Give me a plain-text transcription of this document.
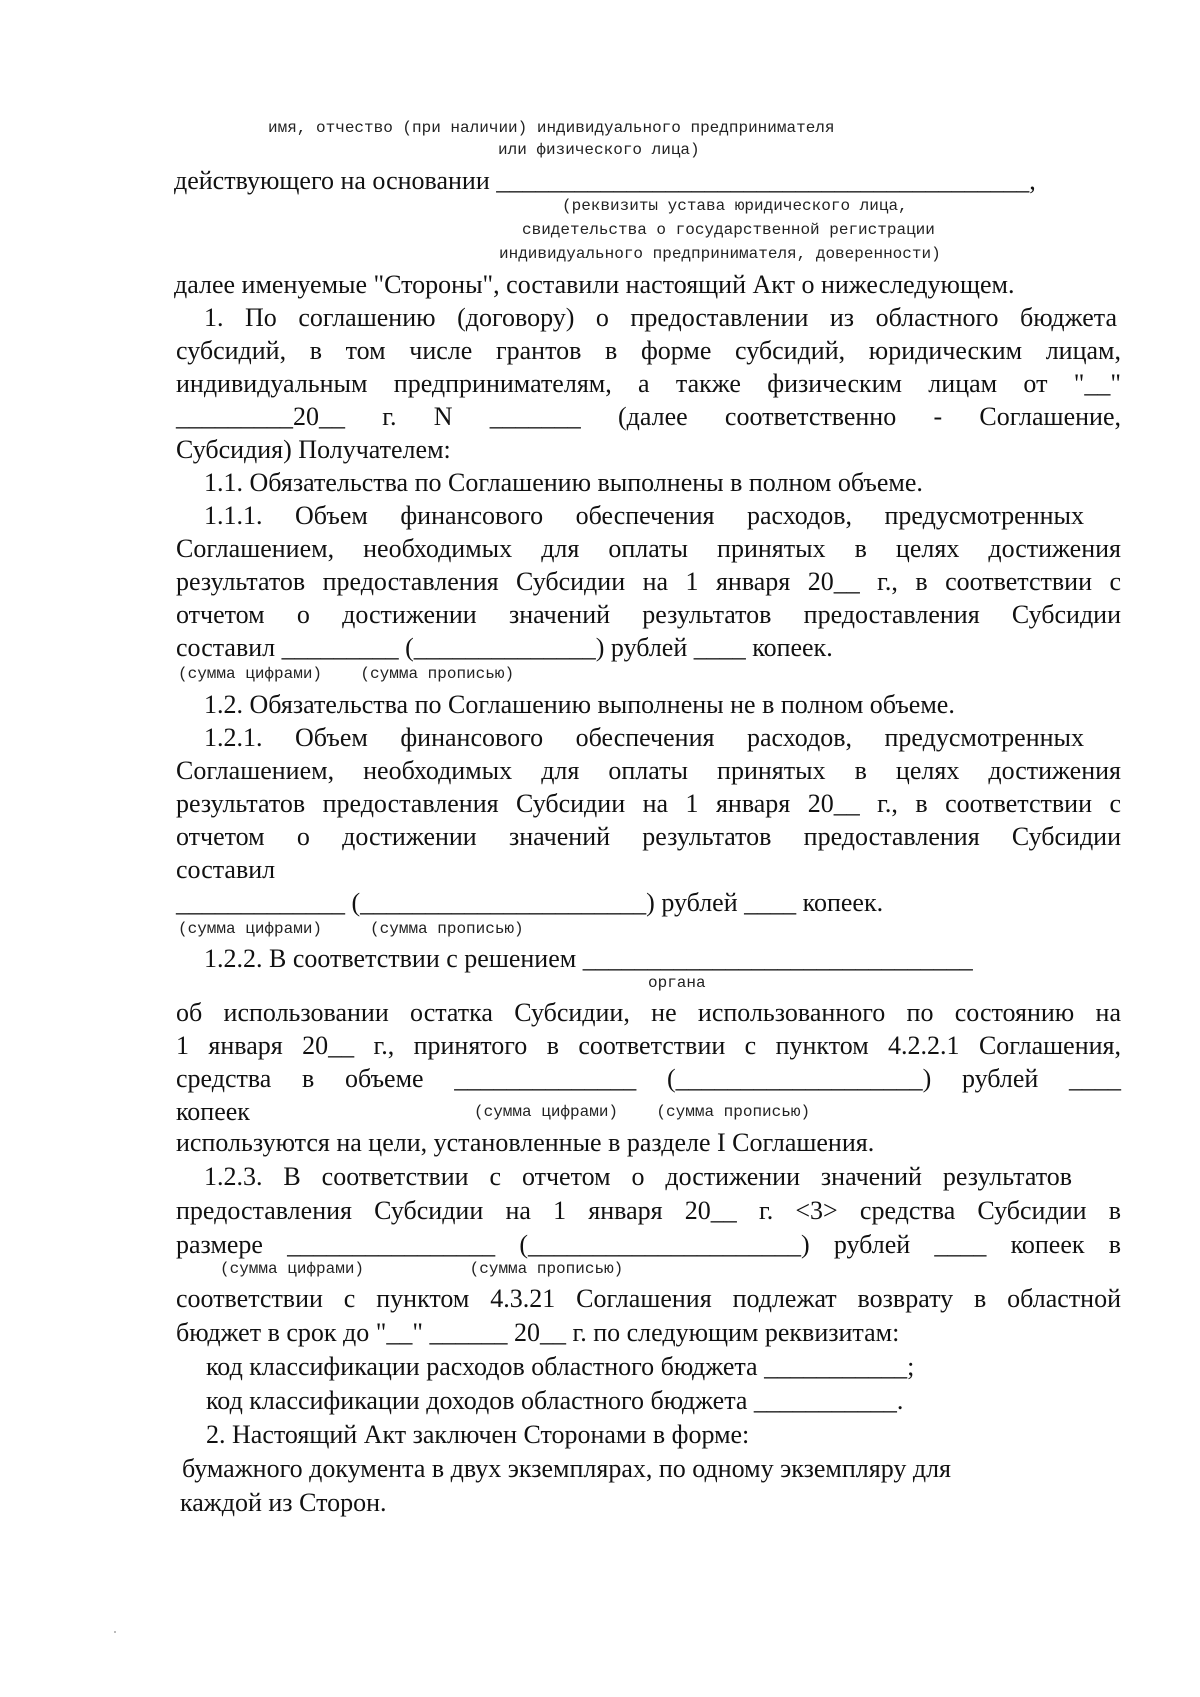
имя, отчество (при наличии) индивидуального предпринимателя
или физического лица)
действующего на основании _________________________________________,
(реквизиты устава юридического лица,
свидетельства о государственной регистрации
индивидуального предпринимателя, доверенности)
далее именуемые "Стороны", составили настоящий Акт о нижеследующем.
1. По соглашению (договору) о предоставлении из областного бюджета
субсидий, в том числе грантов в форме субсидий, юридическим лицам,
индивидуальным предпринимателям, а также физическим лицам от "__"
_________20__ г. N _______ (далее соответственно - Соглашение,
Субсидия) Получателем:
1.1. Обязательства по Соглашению выполнены в полном объеме.
1.1.1. Объем финансового обеспечения расходов, предусмотренных
Соглашением, необходимых для оплаты принятых в целях достижения
результатов предоставления Субсидии на 1 января 20__ г., в соответствии с
отчетом о достижении значений результатов предоставления Субсидии
составил _________ (______________) рублей ____ копеек.
(сумма цифрами)    (сумма прописью)
1.2. Обязательства по Соглашению выполнены не в полном объеме.
1.2.1. Объем финансового обеспечения расходов, предусмотренных
Соглашением, необходимых для оплаты принятых в целях достижения
результатов предоставления Субсидии на 1 января 20__ г., в соответствии с
отчетом о достижении значений результатов предоставления Субсидии
составил
_____________ (______________________) рублей ____ копеек.
(сумма цифрами)     (сумма прописью)
1.2.2. В соответствии с решением ______________________________
органа
об использовании остатка Субсидии, не использованного по состоянию на
1 января 20__ г., принятого в соответствии с пунктом 4.2.2.1 Соглашения,
средства в объеме ______________ (___________________) рублей ____
копеек	(сумма цифрами)    (сумма прописью)
используются на цели, установленные в разделе I Соглашения.
1.2.3. В соответствии с отчетом о достижении значений результатов
предоставления Субсидии на 1 января 20__ г. <3> средства Субсидии в
размере ________________ (_____________________) рублей ____ копеек в
(сумма цифрами)           (сумма прописью)
соответствии с пунктом 4.3.21 Соглашения подлежат возврату в областной
бюджет в срок до "__" ______ 20__ г. по следующим реквизитам:
код классификации расходов областного бюджета ___________;
код классификации доходов областного бюджета ___________.
2. Настоящий Акт заключен Сторонами в форме:
бумажного документа в двух экземплярах, по одному экземпляру для
каждой из Сторон.
